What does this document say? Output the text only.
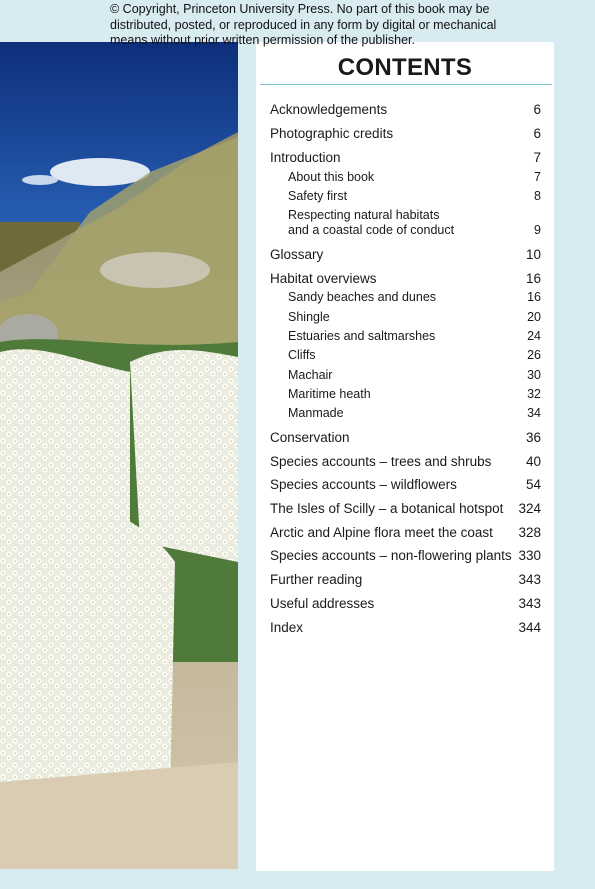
© Copyright, Princeton University Press. No part of this book may be
distributed, posted, or reproduced in any form by digital or mechanical
means without prior written permission of the publisher.
CONTENTS
Acknowledgements	6
Photographic credits	6
Introduction	7
About this book	7
Safety first	8
Respecting natural habitats
and a coastal code of conduct	9
Glossary	10
Habitat overviews	16
Sandy beaches and dunes	16
Shingle	20
Estuaries and saltmarshes	24
Cliffs	26
Machair	30
Maritime heath	32
Manmade	34
Conservation	36
Species accounts – trees and shrubs	40
Species accounts – wildflowers	54
The Isles of Scilly – a botanical hotspot 324
Arctic and Alpine flora meet the coast 328
Species accounts – non-flowering plants 330
Further reading	343
Useful addresses	343
Index	344
